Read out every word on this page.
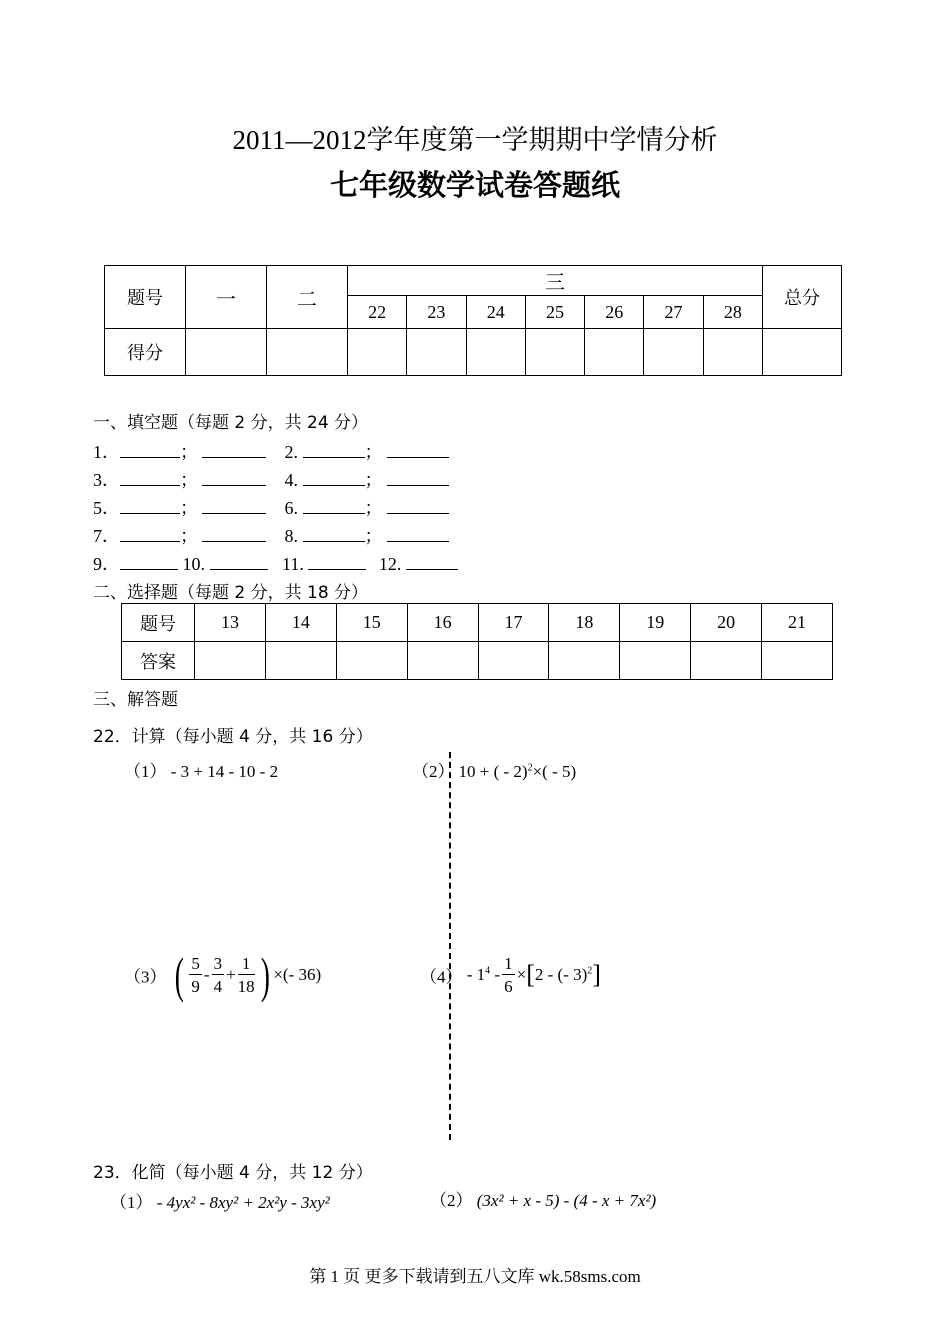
2011—2012学年度第一学期期中学情分析
七年级数学试卷答题纸
题号	一	二	三							总分
			22	23	24	25	26	27	28	
得分										
一、填空题（每题 2 分，共 24 分）
1．	；	2.	；
3．	；	4.	；
5．	；	6.	；
7．	；	8.	；
9．	10.	11.	12.
二、选择题（每题 2 分，共 18 分）
题号	13	14	15	16	17	18	19	20	21
答案									
三、解答题
22．计算（每小题 4 分，共 16 分）
（1） - 3 + 14 - 10 - 2	（2） 10 + ( - 2)$^2$×( - 5)
（3） ( $\frac{5}{9} - \frac{3}{4} + \frac{1}{18}$ ) ×(- 36)	$(4) - 1^4 - \frac{1}{6} \times[2$ - (- 3)$^2$]
23．化简（每小题 4 分，共 12 分）
（1） - 4yx² - 8xy² + 2x²y - 3xy²	（2） (3x² + x - 5) - (4 - x + 7x²)
第 1 页 更多下载请到五八文库 wk.58sms.com
